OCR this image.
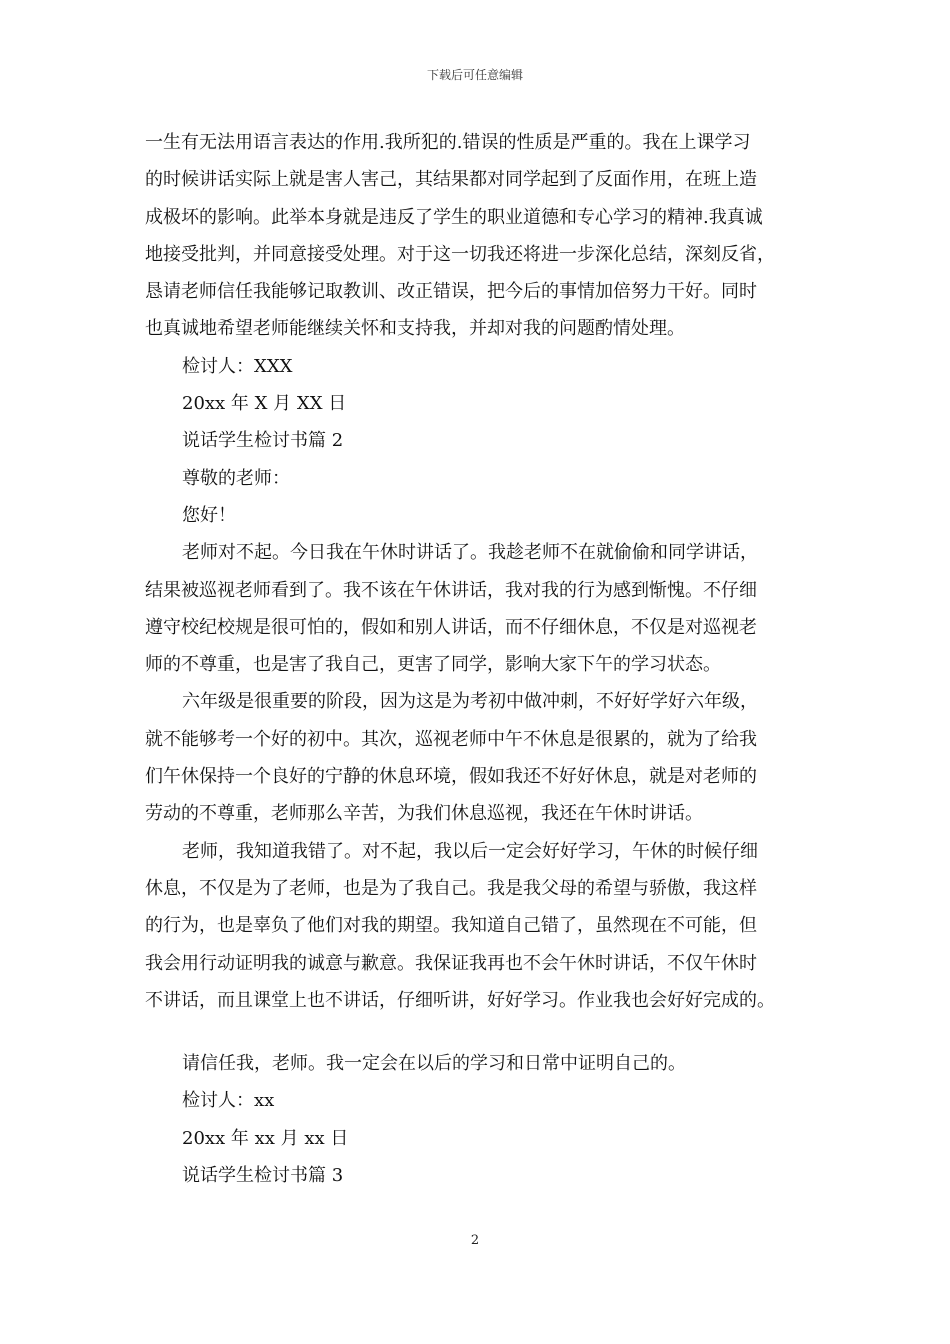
下载后可任意编辑
一生有无法用语言表达的作用.我所犯的.错误的性质是严重的。我在上课学习
的时候讲话实际上就是害人害己，其结果都对同学起到了反面作用，在班上造
成极坏的影响。此举本身就是违反了学生的职业道德和专心学习的精神.我真诚
地接受批判，并同意接受处理。对于这一切我还将进一步深化总结，深刻反省，
恳请老师信任我能够记取教训、改正错误，把今后的事情加倍努力干好。同时
也真诚地希望老师能继续关怀和支持我，并却对我的问题酌情处理。
检讨人：XXX
20xx 年 X 月 XX 日
说话学生检讨书篇 2
尊敬的老师：
您好！
老师对不起。今日我在午休时讲话了。我趁老师不在就偷偷和同学讲话，
结果被巡视老师看到了。我不该在午休讲话，我对我的行为感到惭愧。不仔细
遵守校纪校规是很可怕的，假如和别人讲话，而不仔细休息，不仅是对巡视老
师的不尊重，也是害了我自己，更害了同学，影响大家下午的学习状态。
六年级是很重要的阶段，因为这是为考初中做冲刺，不好好学好六年级，
就不能够考一个好的初中。其次，巡视老师中午不休息是很累的，就为了给我
们午休保持一个良好的宁静的休息环境，假如我还不好好休息，就是对老师的
劳动的不尊重，老师那么辛苦，为我们休息巡视，我还在午休时讲话。
老师，我知道我错了。对不起，我以后一定会好好学习，午休的时候仔细
休息，不仅是为了老师，也是为了我自己。我是我父母的希望与骄傲，我这样
的行为，也是辜负了他们对我的期望。我知道自己错了，虽然现在不可能，但
我会用行动证明我的诚意与歉意。我保证我再也不会午休时讲话，不仅午休时
不讲话，而且课堂上也不讲话，仔细听讲，好好学习。作业我也会好好完成的。
请信任我，老师。我一定会在以后的学习和日常中证明自己的。
检讨人：xx
20xx 年 xx 月 xx 日
说话学生检讨书篇 3
2
